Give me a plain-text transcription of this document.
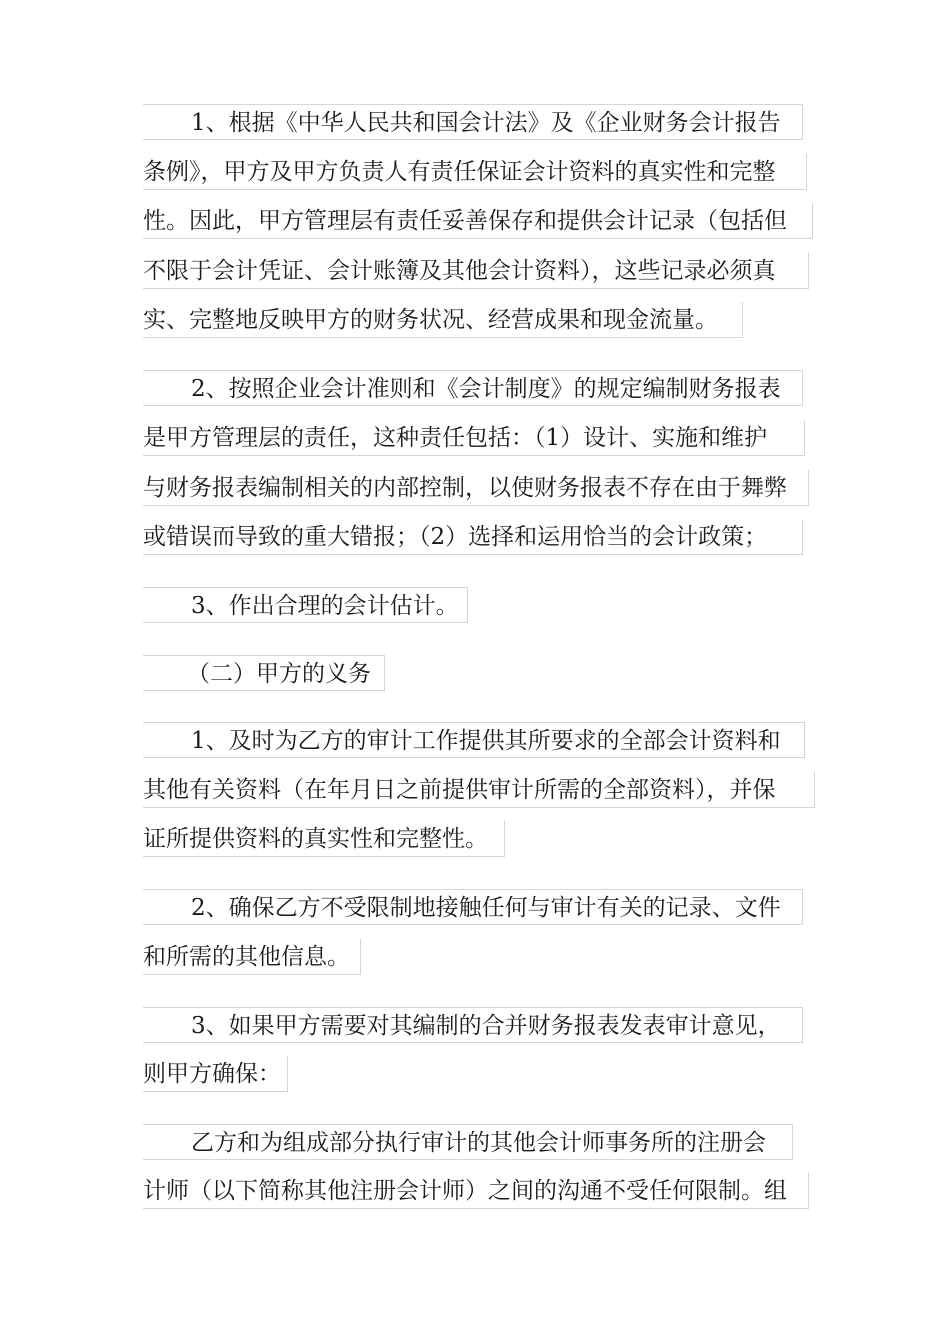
1、根据《中华人民共和国会计法》及《企业财务会计报告
条例》，甲方及甲方负责人有责任保证会计资料的真实性和完整
性。因此，甲方管理层有责任妥善保存和提供会计记录（包括但
不限于会计凭证、会计账簿及其他会计资料），这些记录必须真
实、完整地反映甲方的财务状况、经营成果和现金流量。
2、按照企业会计准则和《会计制度》的规定编制财务报表
是甲方管理层的责任，这种责任包括：（1）设计、实施和维护
与财务报表编制相关的内部控制，以使财务报表不存在由于舞弊
或错误而导致的重大错报；（2）选择和运用恰当的会计政策；
3、作出合理的会计估计。
（二）甲方的义务
1、及时为乙方的审计工作提供其所要求的全部会计资料和
其他有关资料（在年月日之前提供审计所需的全部资料），并保
证所提供资料的真实性和完整性。
2、确保乙方不受限制地接触任何与审计有关的记录、文件
和所需的其他信息。
3、如果甲方需要对其编制的合并财务报表发表审计意见，
则甲方确保：
乙方和为组成部分执行审计的其他会计师事务所的注册会
计师（以下简称其他注册会计师）之间的沟通不受任何限制。组
